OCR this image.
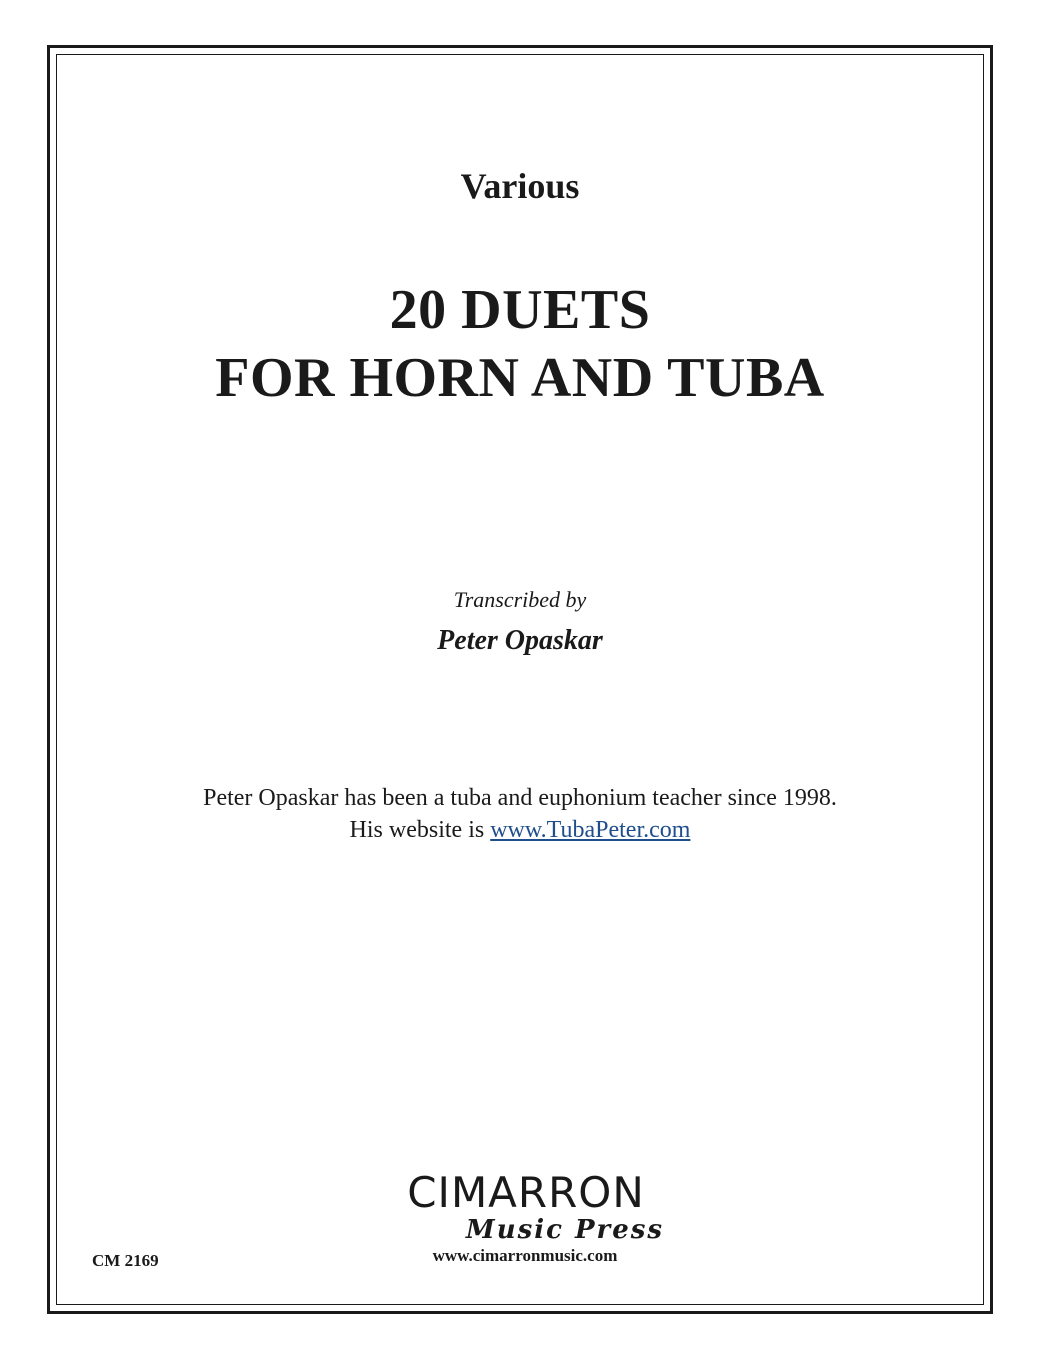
Various
20 DUETS
FOR HORN AND TUBA
Transcribed by
Peter Opaskar
Peter Opaskar has been a tuba and euphonium teacher since 1998.
His website is www.TubaPeter.com
CIMARRON
Music Press
www.cimarronmusic.com
CM 2169
